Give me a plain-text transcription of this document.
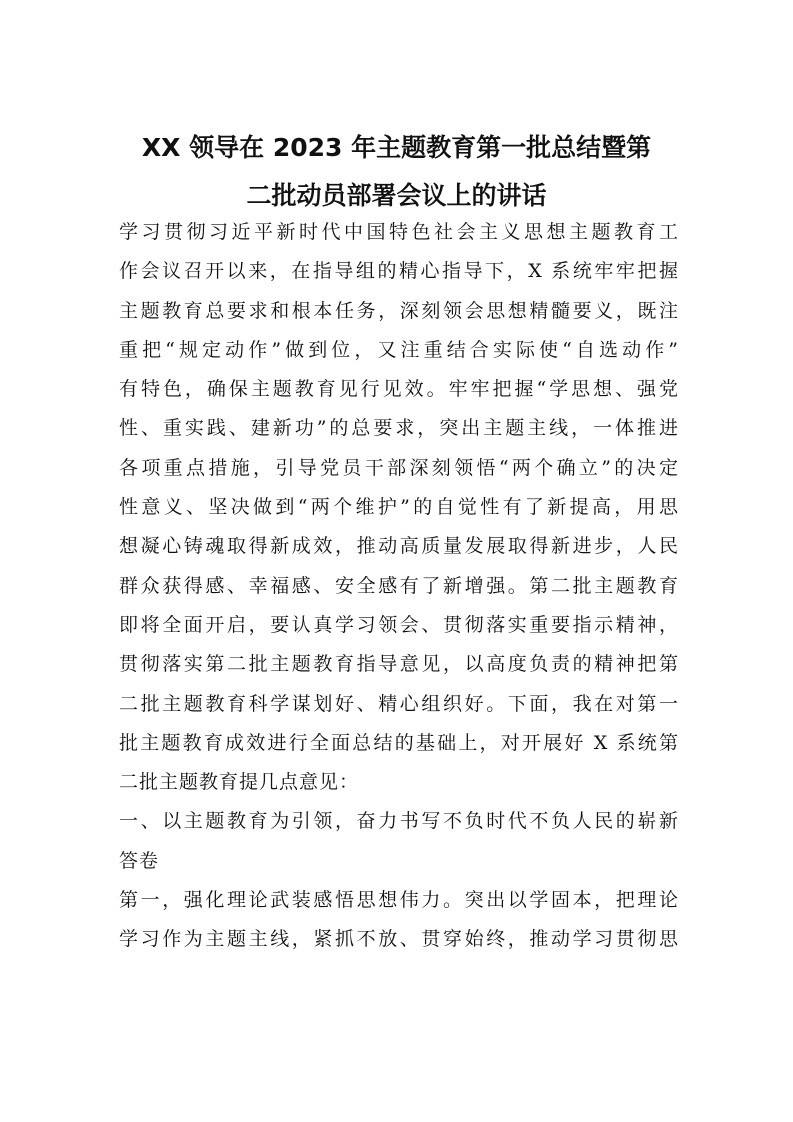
XX 领导在 2023 年主题教育第一批总结暨第
二批动员部署会议上的讲话
学习贯彻习近平新时代中国特色社会主义思想主题教育工
作会议召开以来，在指导组的精心指导下，X 系统牢牢把握
主题教育总要求和根本任务，深刻领会思想精髓要义，既注
重把“规定动作”做到位，又注重结合实际使“自选动作”
有特色，确保主题教育见行见效。牢牢把握“学思想、强党
性、重实践、建新功”的总要求，突出主题主线，一体推进
各项重点措施，引导党员干部深刻领悟“两个确立”的决定
性意义、坚决做到“两个维护”的自觉性有了新提高，用思
想凝心铸魂取得新成效，推动高质量发展取得新进步，人民
群众获得感、幸福感、安全感有了新增强。第二批主题教育
即将全面开启，要认真学习领会、贯彻落实重要指示精神，
贯彻落实第二批主题教育指导意见，以高度负责的精神把第
二批主题教育科学谋划好、精心组织好。下面，我在对第一
批主题教育成效进行全面总结的基础上，对开展好 X 系统第
二批主题教育提几点意见：
一、以主题教育为引领，奋力书写不负时代不负人民的崭新
答卷
第一，强化理论武装感悟思想伟力。突出以学固本，把理论
学习作为主题主线，紧抓不放、贯穿始终，推动学习贯彻思
